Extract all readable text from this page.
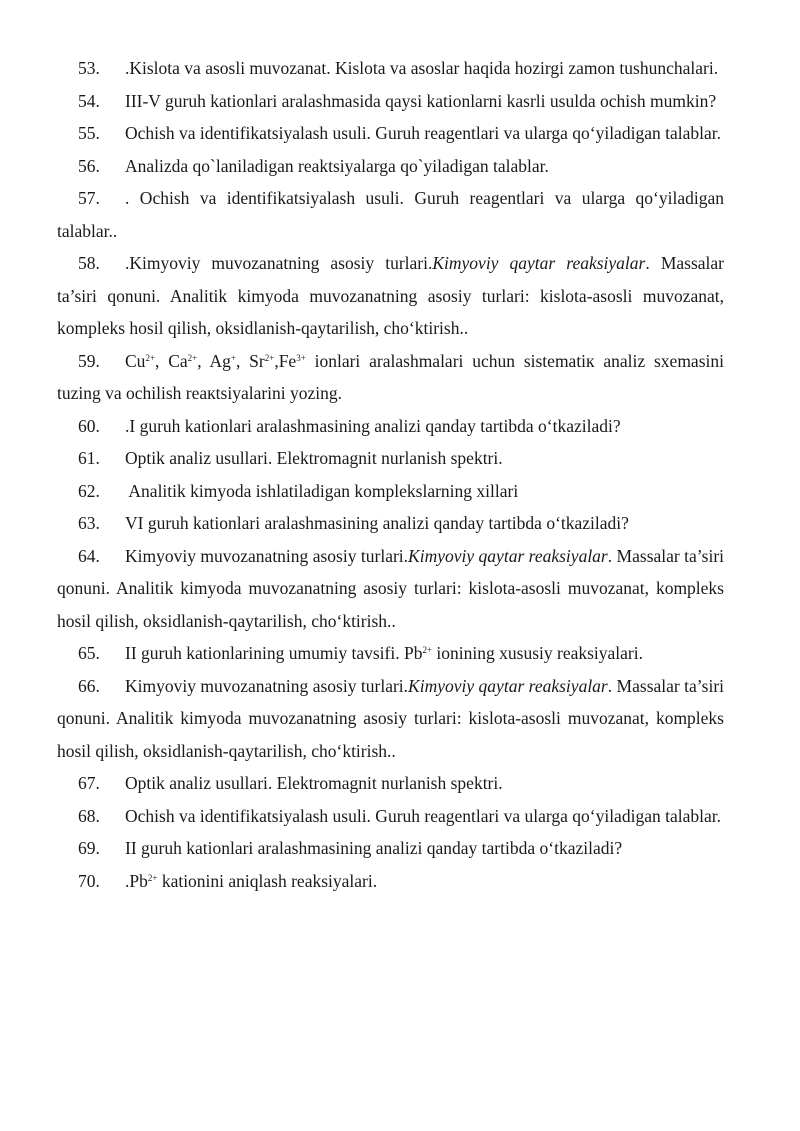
53. .Kislota va asosli muvozanat. Kislota va asoslar haqida hozirgi zamon tushunchalari.

54. III-V guruh kationlari aralashmasida qaysi kationlarni kasrli usulda ochish mumkin?

55. Ochish va identifikatsiyalash usuli. Guruh reagentlari va ularga qo‘yiladigan talablar.

56. Analizda qo`laniladigan reaktsiyalarga qo`yiladigan talablar.

57. . Ochish va identifikatsiyalash usuli. Guruh reagentlari va ularga qo‘yiladigan talablar..

58. .Kimyoviy muvozanatning asosiy turlari.Kimyoviy qaytar reaksiyalar. Massalar ta’siri qonuni. Analitik kimyoda muvozanatning asosiy turlari: kislota-asosli muvozanat, kompleks hosil qilish, oksidlanish-qaytarilish, cho‘ktirish..

59. $Cu^{2+}$, $Ca^{2+}$, Ag+, $Sr^{2+},Fe^{3+}$ ionlari aralashmalari uchun sistematiк analiz sxemasini tuzing va ochilish reaкtsiyalarini yozing.

60. .I guruh kationlari aralashmasining analizi qanday tartibda o‘tkaziladi?

61. Optik analiz usullari. Elektromagnit nurlanish spektri.

62. Analitik kimyoda ishlatiladigan komplekslarning xillari

63. VI guruh kationlari aralashmasining analizi qanday tartibda o‘tkaziladi?

64. Kimyoviy muvozanatning asosiy turlari.Kimyoviy qaytar reaksiyalar. Massalar ta’siri qonuni. Analitik kimyoda muvozanatning asosiy turlari: kislota-asosli muvozanat, kompleks hosil qilish, oksidlanish-qaytarilish, cho‘ktirish..

65. II guruh kationlarining umumiy tavsifi. $Pb^{2+}$ ionining xususiy reaksiyalari.

66. Kimyoviy muvozanatning asosiy turlari.Kimyoviy qaytar reaksiyalar. Massalar ta’siri qonuni. Analitik kimyoda muvozanatning asosiy turlari: kislota-asosli muvozanat, kompleks hosil qilish, oksidlanish-qaytarilish, cho‘ktirish..

67. Optik analiz usullari. Elektromagnit nurlanish spektri.

68. Ochish va identifikatsiyalash usuli. Guruh reagentlari va ularga qo‘yiladigan talablar.

69. II guruh kationlari aralashmasining analizi qanday tartibda o‘tkaziladi?

70. $.Pb^{2+}$ kationini aniqlash reaksiyalari.
